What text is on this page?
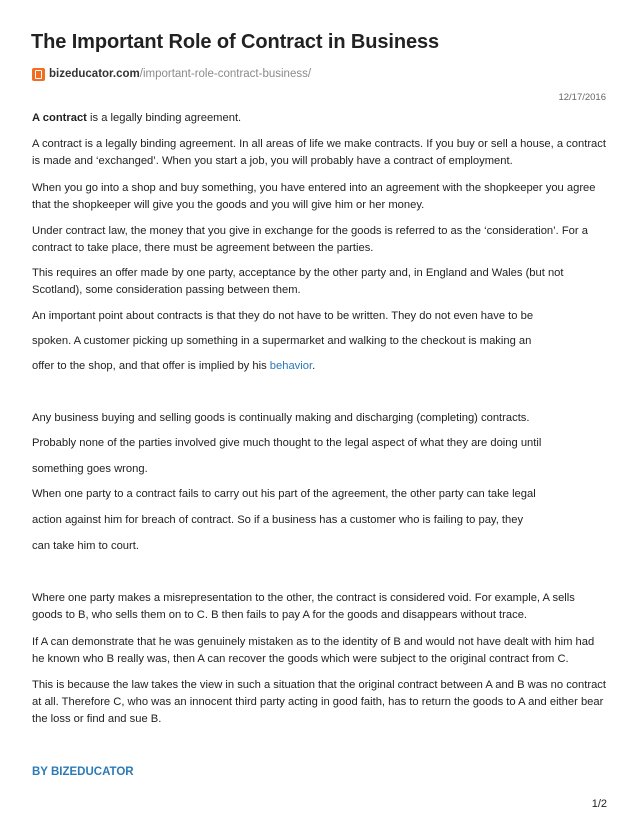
The Important Role of Contract in Business
bizeducator.com /important-role-contract-business/
12/17/2016
A contract is a legally binding agreement.
A contract is a legally binding agreement. In all areas of life we make contracts. If you buy or sell a house, a contract is made and ‘exchanged’. When you start a job, you will probably have a contract of employment.
When you go into a shop and buy something, you have entered into an agreement with the shopkeeper you agree that the shopkeeper will give you the goods and you will give him or her money.
Under contract law, the money that you give in exchange for the goods is referred to as the ‘consideration’. For a contract to take place, there must be agreement between the parties.
This requires an offer made by one party, acceptance by the other party and, in England and Wales (but not Scotland), some consideration passing between them.
An important point about contracts is that they do not have to be written. They do not even have to be
spoken. A customer picking up something in a supermarket and walking to the checkout is making an
offer to the shop, and that offer is implied by his behavior.
Any business buying and selling goods is continually making and discharging (completing) contracts.
Probably none of the parties involved give much thought to the legal aspect of what they are doing until
something goes wrong.
When one party to a contract fails to carry out his part of the agreement, the other party can take legal
action against him for breach of contract. So if a business has a customer who is failing to pay, they
can take him to court.
Where one party makes a misrepresentation to the other, the contract is considered void. For example, A sells goods to B, who sells them on to C. B then fails to pay A for the goods and disappears without trace.
If A can demonstrate that he was genuinely mistaken as to the identity of B and would not have dealt with him had he known who B really was, then A can recover the goods which were subject to the original contract from C.
This is because the law takes the view in such a situation that the original contract between A and B was no contract at all. Therefore C, who was an innocent third party acting in good faith, has to return the goods to A and either bear the loss or find and sue B.
BY BIZEDUCATOR
1/2
